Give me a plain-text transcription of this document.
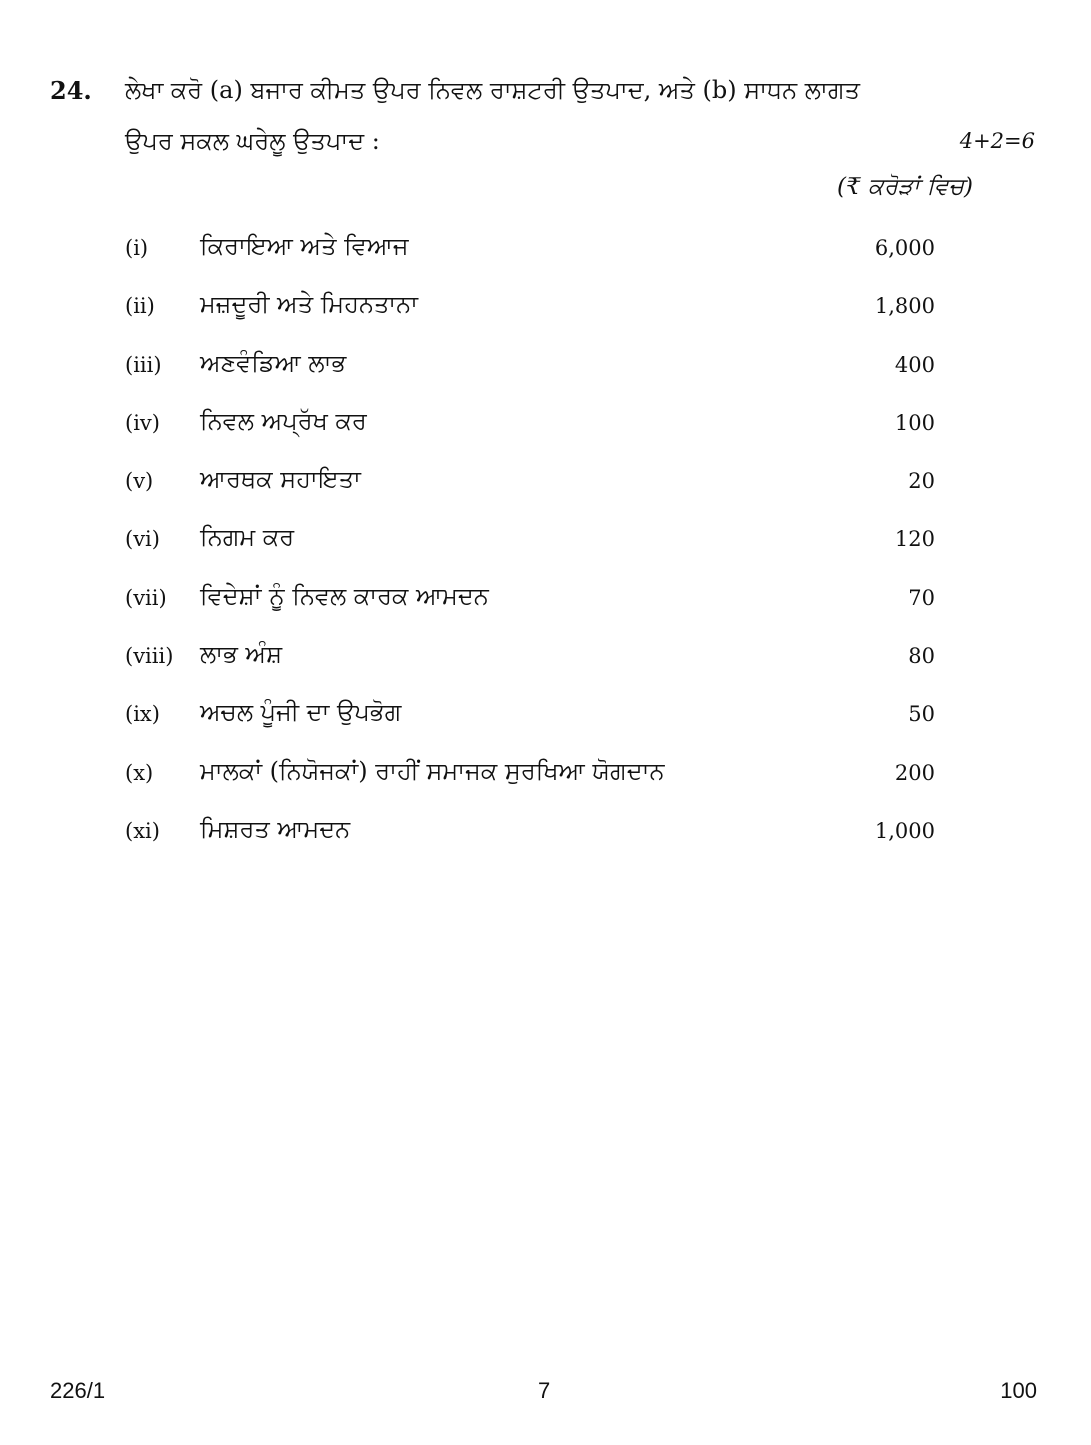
24. ਲੇਖਾ ਕਰੋ (a) ਬਜਾਰ ਕੀਮਤ ਉਪਰ ਨਿਵਲ ਰਾਸ਼ਟਰੀ ਉਤਪਾਦ, ਅਤੇ (b) ਸਾਧਨ ਲਾਗਤ
ਉਪਰ ਸਕਲ ਘਰੇਲੂ ਉਤਪਾਦ :	4+2=6
(₹ ਕਰੋੜਾਂ ਵਿਚ)
(i) ਕਿਰਾਇਆ ਅਤੇ ਵਿਆਜ	6,000
(ii) ਮਜ਼ਦੂਰੀ ਅਤੇ ਮਿਹਨਤਾਨਾ	1,800
(iii) ਅਣਵੰਡਿਆ ਲਾਭ	400
(iv) ਨਿਵਲ ਅਪ੍ਰੱਖ ਕਰ	100
(v) ਆਰਥਕ ਸਹਾਇਤਾ	20
(vi) ਨਿਗਮ ਕਰ	120
(vii) ਵਿਦੇਸ਼ਾਂ ਨੂੰ ਨਿਵਲ ਕਾਰਕ ਆਮਦਨ	70
(viii) ਲਾਭ ਅੰਸ਼	80
(ix) ਅਚਲ ਪੂੰਜੀ ਦਾ ਉਪਭੋਗ	50
(x) ਮਾਲਕਾਂ (ਨਿਯੋਜਕਾਂ) ਰਾਹੀਂ ਸਮਾਜਕ ਸੁਰਖਿਆ ਯੋਗਦਾਨ	200
(xi) ਮਿਸ਼ਰਤ ਆਮਦਨ	1,000
226/1	7	100
